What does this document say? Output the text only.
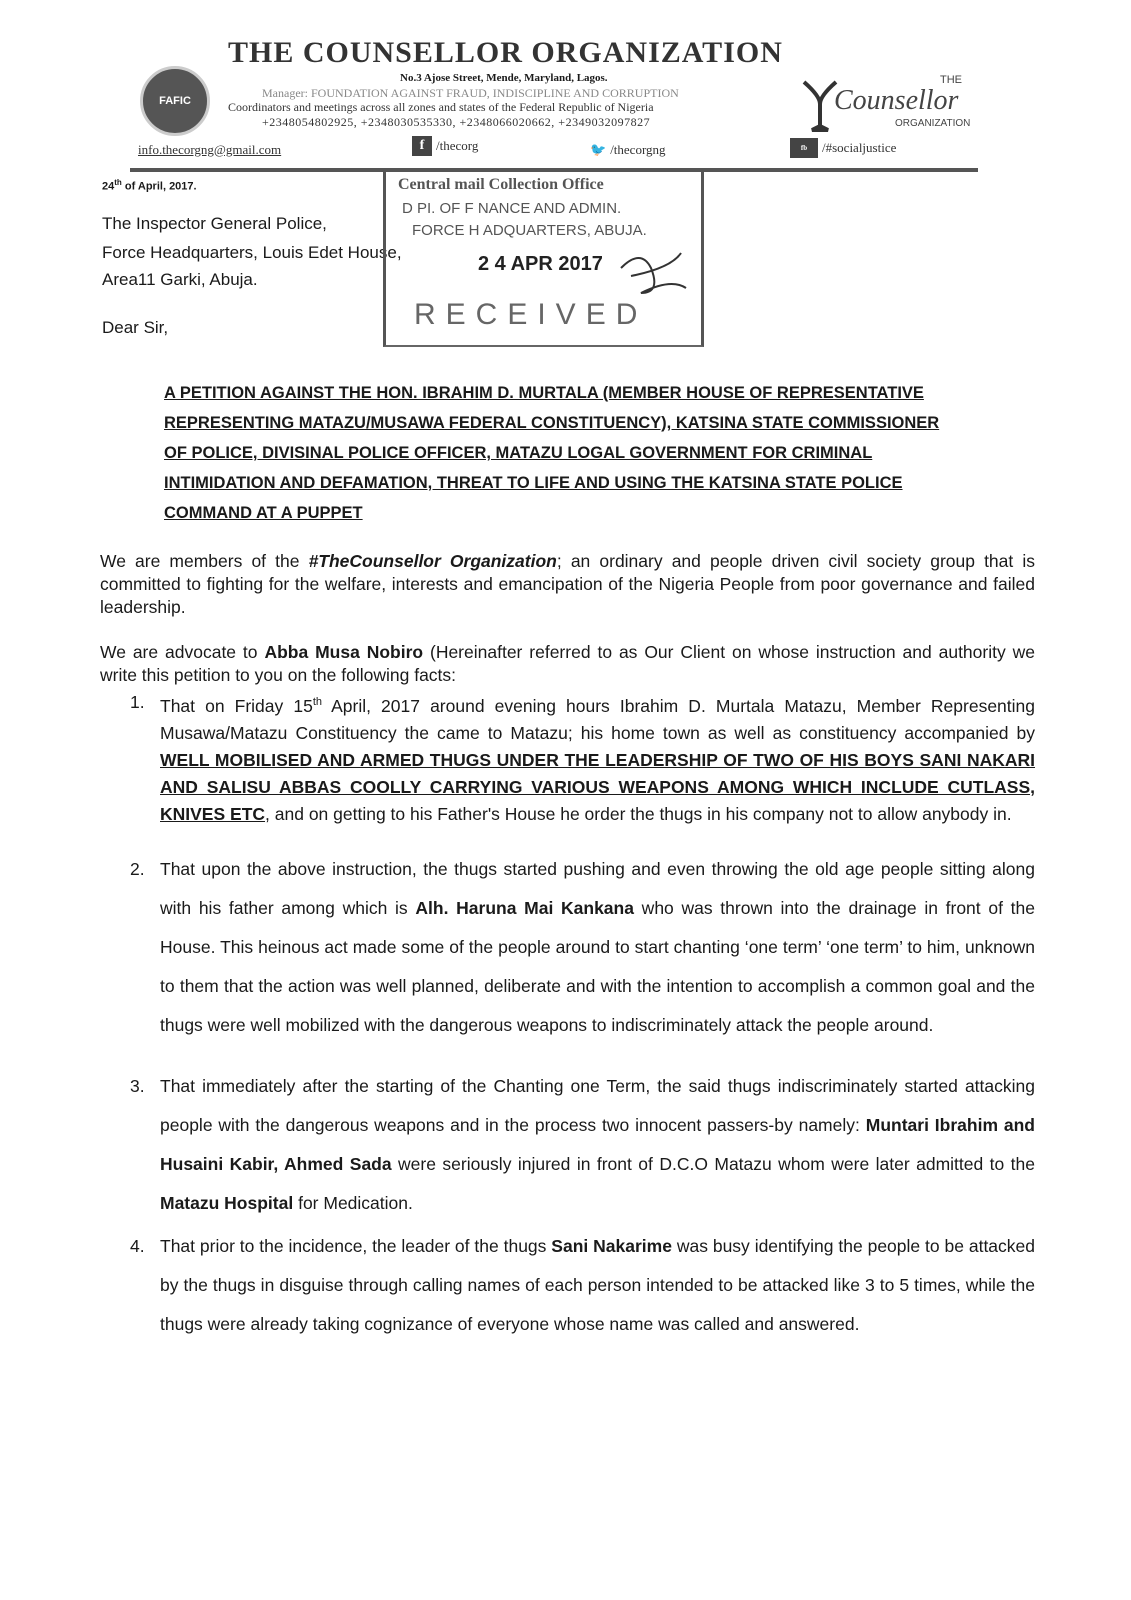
FAFIC
THE COUNSELLOR ORGANIZATION
No.3 Ajose Street, Mende, Maryland, Lagos.
Manager: FOUNDATION AGAINST FRAUD, INDISCIPLINE AND CORRUPTION
Coordinators and meetings across all zones and states of the Federal Republic of Nigeria
+2348054802925, +2348030535330, +2348066020662, +2349032097827
THE
Counsellor
ORGANIZATION
info.thecorgng@gmail.com	f /thecorg	🐦 /thecorgng	fb	/#socialjustice
24th of April, 2017.
The Inspector General Police,
Force Headquarters, Louis Edet House,
Area11 Garki, Abuja.
Dear Sir,
Central mail Collection Office
D PI. OF F NANCE AND ADMIN.
FORCE H ADQUARTERS, ABUJA.
2 4 APR 2017
RECEIVED
A PETITION AGAINST THE HON. IBRAHIM D. MURTALA (MEMBER HOUSE OF REPRESENTATIVE
REPRESENTING MATAZU/MUSAWA FEDERAL CONSTITUENCY), KATSINA STATE COMMISSIONER
OF POLICE, DIVISINAL POLICE OFFICER, MATAZU LOGAL GOVERNMENT FOR CRIMINAL
INTIMIDATION AND DEFAMATION, THREAT TO LIFE AND USING THE KATSINA STATE POLICE
COMMAND AT A PUPPET
We are members of the #TheCounsellor Organization; an ordinary and people driven civil society group that is committed to fighting for the welfare, interests and emancipation of the Nigeria People from poor governance and failed leadership.
We are advocate to Abba Musa Nobiro (Hereinafter referred to as Our Client on whose instruction and authority we write this petition to you on the following facts:
1. That on Friday 15th April, 2017 around evening hours Ibrahim D. Murtala Matazu, Member Representing Musawa/Matazu Constituency the came to Matazu; his home town as well as constituency accompanied by WELL MOBILISED AND ARMED THUGS UNDER THE LEADERSHIP OF TWO OF HIS BOYS SANI NAKARI AND SALISU ABBAS COOLLY CARRYING VARIOUS WEAPONS AMONG WHICH INCLUDE CUTLASS, KNIVES ETC, and on getting to his Father's House he order the thugs in his company not to allow anybody in.
2. That upon the above instruction, the thugs started pushing and even throwing the old age people sitting along with his father among which is Alh. Haruna Mai Kankana who was thrown into the drainage in front of the House. This heinous act made some of the people around to start chanting ‘one term’ ‘one term’ to him, unknown to them that the action was well planned, deliberate and with the intention to accomplish a common goal and the thugs were well mobilized with the dangerous weapons to indiscriminately attack the people around.
3. That immediately after the starting of the Chanting one Term, the said thugs indiscriminately started attacking people with the dangerous weapons and in the process two innocent passers-by namely: Muntari Ibrahim and Husaini Kabir, Ahmed Sada were seriously injured in front of D.C.O Matazu whom were later admitted to the Matazu Hospital for Medication.
4. That prior to the incidence, the leader of the thugs Sani Nakarime was busy identifying the people to be attacked by the thugs in disguise through calling names of each person intended to be attacked like 3 to 5 times, while the thugs were already taking cognizance of everyone whose name was called and answered.
